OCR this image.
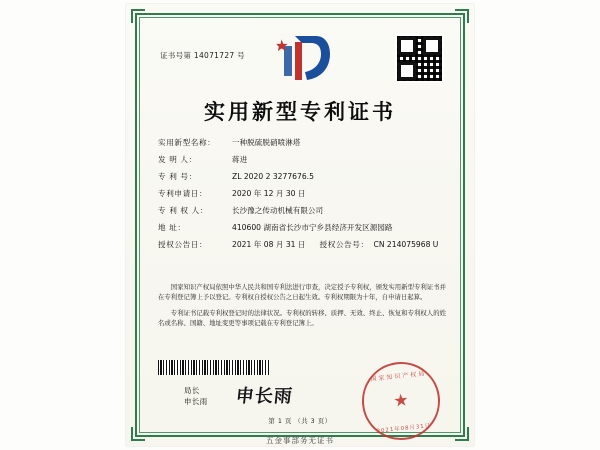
证书号第 14071727 号
实用新型专利证书
实用新型名称：	一种脱硫脱硝喷淋塔
发 明 人：	蒋进
专 利 号：	ZL 2020 2 3277676.5
专利申请日：	2020 年 12 月 30 日
专 利 权 人：	长沙豫之传动机械有限公司
地 址：	410600 湖南省长沙市宁乡县经济开发区源园路
授权公告日：	2021 年 08 月 31 日 授权公告号： CN 214075968 U

国家知识产权局依照中华人民共和国专利法进行审查，决定授予专利权，颁发实用新型专利证书并在专利登记簿上予以登记。专利权自授权公告之日起生效。专利权期限为十年，自申请日起算。

专利证书记载专利权登记时的法律状况。专利权的转移、质押、无效、终止、恢复和专利权人的姓名或名称、国籍、地址变更等事项记载在专利登记簿上。

局长
申长雨 申长雨
国家知识产权局
★
2021年08月31日
第 1 页 （共 3 页）
五金事部务无证书
